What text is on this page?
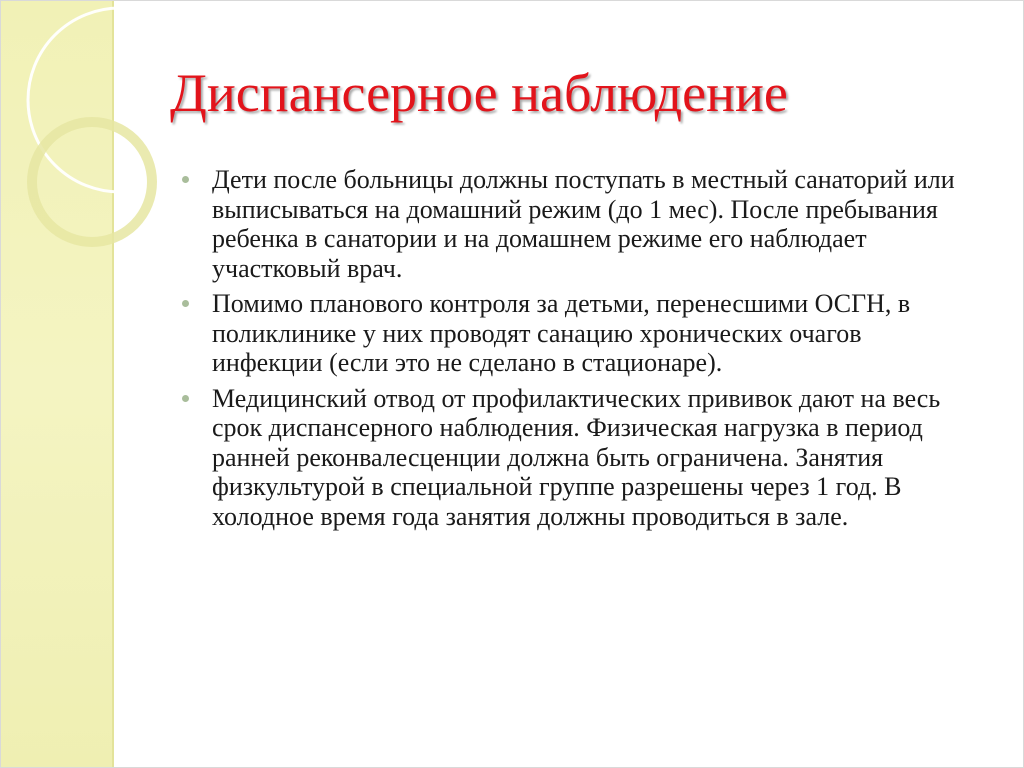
Диспансерное наблюдение
Дети после больницы должны поступать в местный санаторий или выписываться на домашний режим (до 1 мес). После пребывания ребенка в санатории и на домашнем режиме его наблюдает участковый врач.
Помимо планового контроля за детьми, перенесшими ОСГН, в поликлинике у них проводят санацию хронических очагов инфекции (если это не сделано в стационаре).
Медицинский отвод от профилактических прививок дают на весь срок диспансерного наблюдения. Физическая нагрузка в период ранней реконвалесценции должна быть ограничена. Занятия физкультурой в специальной группе разрешены через 1 год. В холодное время года занятия должны проводиться в зале.
